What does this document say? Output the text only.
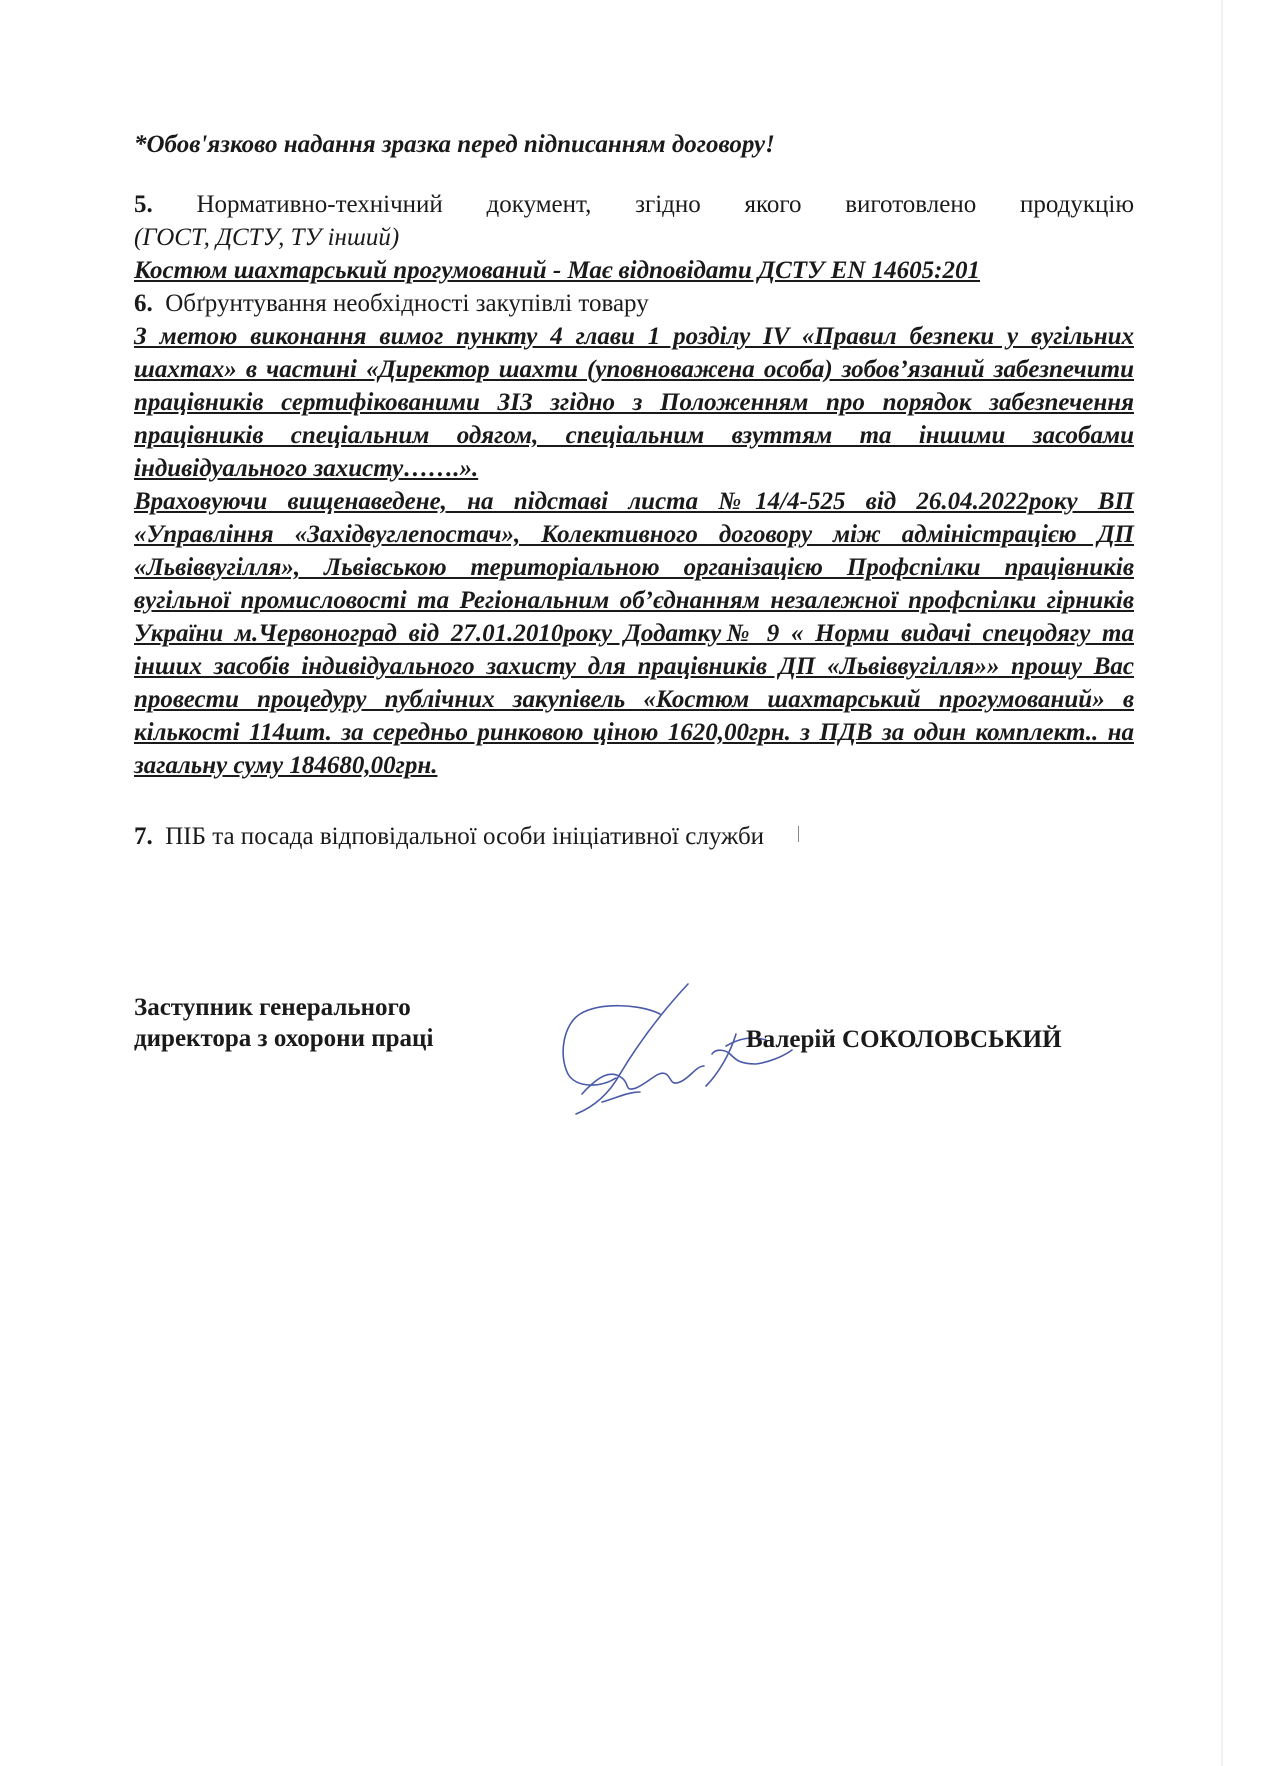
*Обов'язково надання зразка перед підписанням договору!

5. Нормативно-технічний документ, згідно якого виготовлено продукцію

(ГОСТ, ДСТУ, ТУ інший)

Костюм шахтарський прогумований - Має відповідати ДСТУ EN 14605:201

6. Обґрунтування необхідності закупівлі товару

З метою виконання вимог пункту 4 глави 1 розділу ІV «Правил безпеки у вугільних шахтах» в частині «Директор шахти (уповноважена особа) зобов’язаний забезпечити працівників сертифікованими ЗІЗ згідно з Положенням про порядок забезпечення працівників спеціальним одягом, спеціальним взуттям та іншими засобами індивідуального захисту…….».

Враховуючи вищенаведене, на підставі листа №14/4-525 від 26.04.2022року ВП «Управління «Західвуглепостач», Колективного договору між адміністрацією ДП «Львіввугілля», Львівською територіальною організацією Профспілки працівників вугільної промисловості та Регіональним об’єднанням незалежної профспілки гірників України м.Червоноград від 27.01.2010року Додатку№ 9 « Норми видачі спецодягу та інших засобів індивідуального захисту для працівників ДП «Львіввугілля»» прошу Вас провести процедуру публічних закупівель «Костюм шахтарський прогумований» в кількості 114шт. за середньо ринковою ціною 1620,00грн. з ПДВ за один комплект.. на загальну суму 184680,00грн.

7. ПІБ та посада відповідальної особи ініціативної служби

Заступник генерального
директора з охорони праці	Валерій СОКОЛОВСЬКИЙ
